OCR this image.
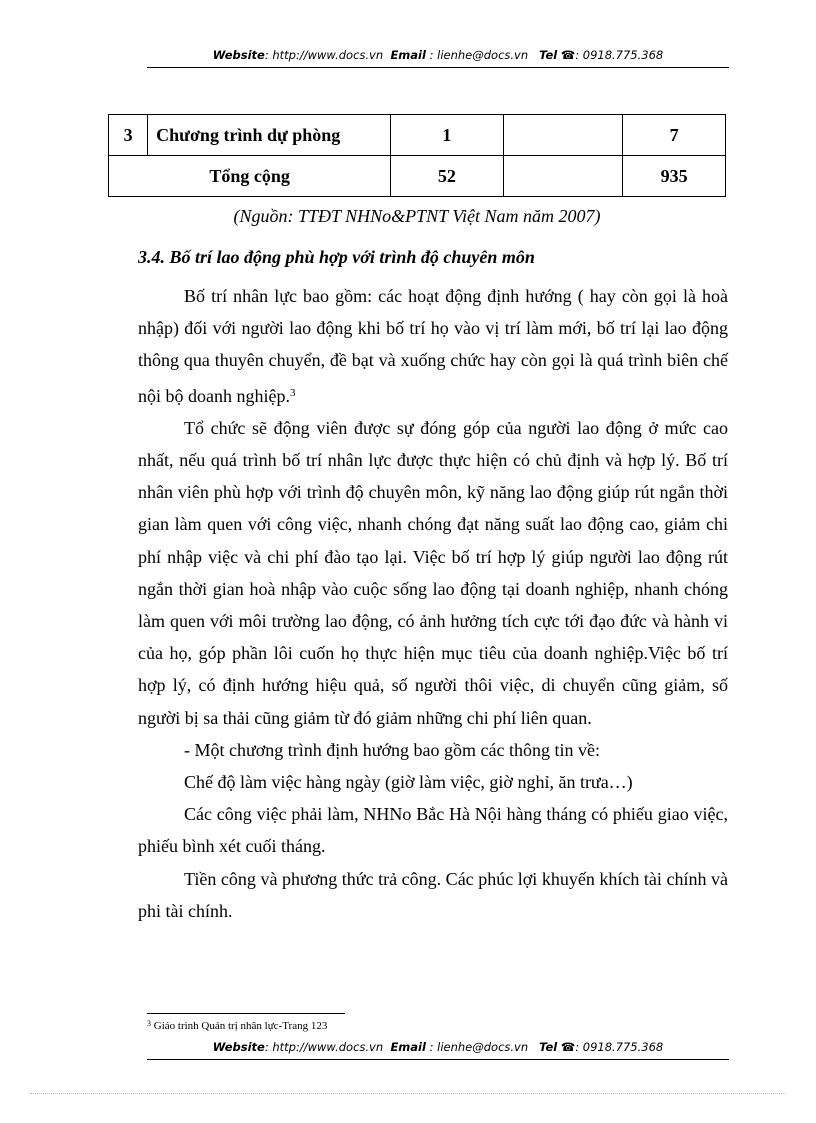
Website: http://www.docs.vn Email : lienhe@docs.vn Tel ☎: 0918.775.368
3	Chương trình dự phòng	1		7
Tổng cộng		52		935
(Nguồn: TTĐT NHNo&PTNT Việt Nam năm 2007)
3.4. Bố trí lao động phù hợp với trình độ chuyên môn

Bố trí nhân lực bao gồm: các hoạt động định hướng ( hay còn gọi là hoà nhập) đối với người lao động khi bố trí họ vào vị trí làm mới, bố trí lại lao động thông qua thuyên chuyển, đề bạt và xuống chức hay còn gọi là quá trình biên chế nội bộ doanh nghiệp.$^3$

Tổ chức sẽ động viên được sự đóng góp của người lao động ở mức cao nhất, nếu quá trình bố trí nhân lực được thực hiện có chủ định và hợp lý. Bố trí nhân viên phù hợp với trình độ chuyên môn, kỹ năng lao động giúp rút ngắn thời gian làm quen với công việc, nhanh chóng đạt năng suất lao động cao, giảm chi phí nhập việc và chi phí đào tạo lại. Việc bố trí hợp lý giúp người lao động rút ngắn thời gian hoà nhập vào cuộc sống lao động tại doanh nghiệp, nhanh chóng làm quen với môi trường lao động, có ảnh hưởng tích cực tới đạo đức và hành vi của họ, góp phần lôi cuốn họ thực hiện mục tiêu của doanh nghiệp.Việc bố trí hợp lý, có định hướng hiệu quả, số người thôi việc, di chuyển cũng giảm, số người bị sa thải cũng giảm từ đó giảm những chi phí liên quan.

- Một chương trình định hướng bao gồm các thông tin về:

Chế độ làm việc hàng ngày (giờ làm việc, giờ nghỉ, ăn trưa…)

Các công việc phải làm, NHNo Bắc Hà Nội hàng tháng có phiếu giao việc, phiếu bình xét cuối tháng.

Tiền công và phương thức trả công. Các phúc lợi khuyến khích tài chính và phi tài chính.

$^3$ Giáo trình Quản trị nhân lực-Trang 123
Website: http://www.docs.vn Email : lienhe@docs.vn Tel ☎: 0918.775.368
